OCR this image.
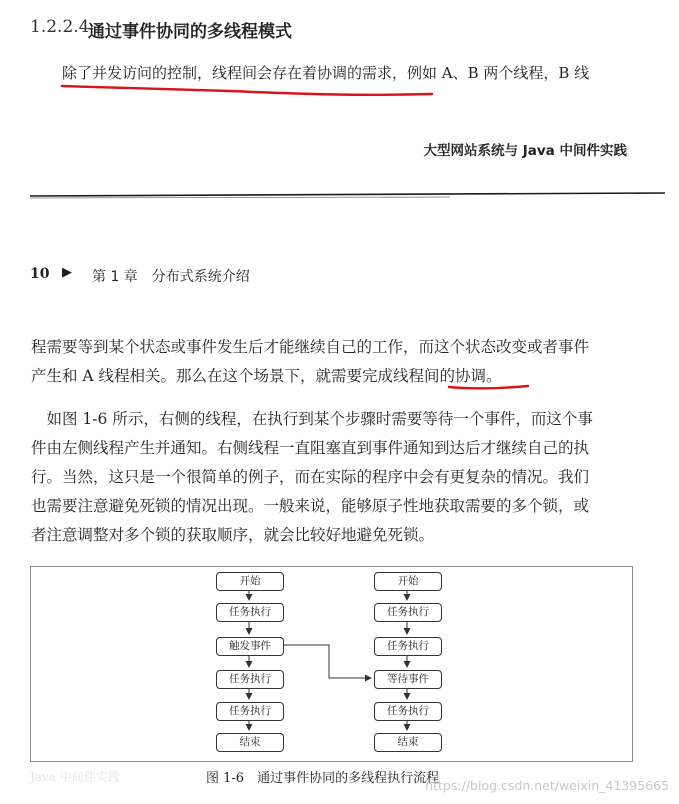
1.2.2.4
通过事件协同的多线程模式
除了并发访问的控制，线程间会存在着协调的需求，例如 A、B 两个线程，B 线
大型网站系统与 Java 中间件实践
10 ▶ 第 1 章　分布式系统介绍
程需要等到某个状态或事件发生后才能继续自己的工作，而这个状态改变或者事件
产生和 A 线程相关。那么在这个场景下，就需要完成线程间的协调。
　如图 1-6 所示，右侧的线程，在执行到某个步骤时需要等待一个事件，而这个事
件由左侧线程产生并通知。右侧线程一直阻塞直到事件通知到达后才继续自己的执
行。当然，这只是一个很简单的例子，而在实际的程序中会有更复杂的情况。我们
也需要注意避免死锁的情况出现。一般来说，能够原子性地获取需要的多个锁，或
者注意调整对多个锁的获取顺序，就会比较好地避免死锁。
开始
任务执行
触发事件
任务执行
任务执行
结束
开始
任务执行
任务执行
等待事件
任务执行
结束
图 1-6　通过事件协同的多线程执行流程
Java 中间件实践
https://blog.csdn.net/weixin_41395665
